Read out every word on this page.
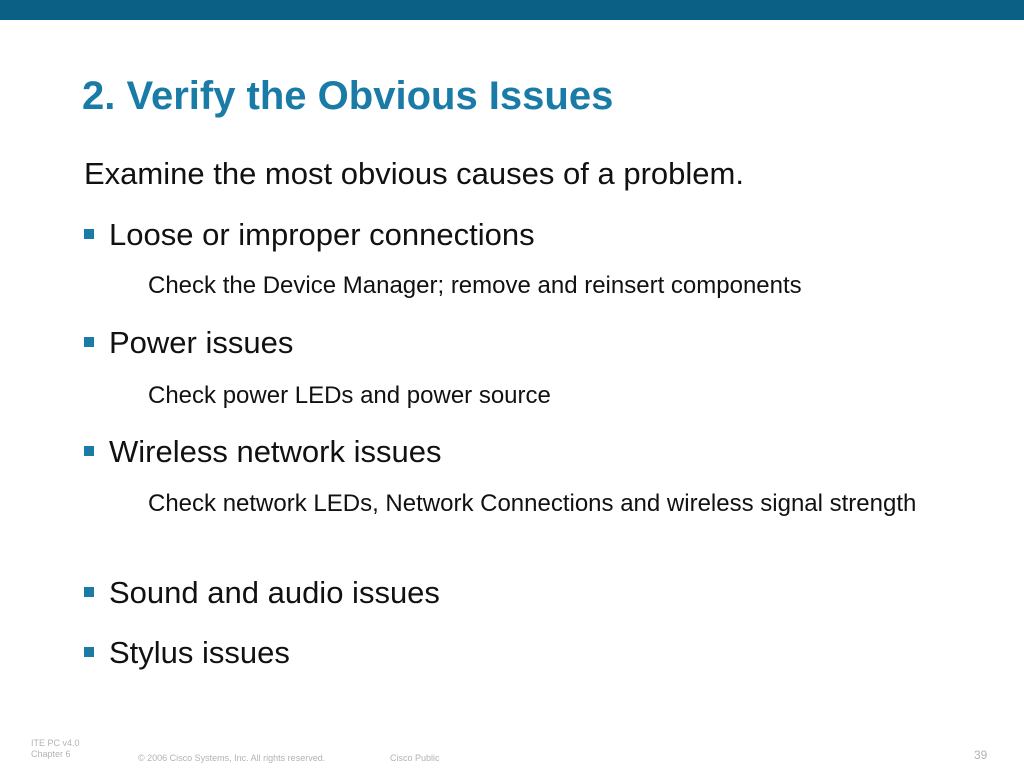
2. Verify the Obvious Issues
Examine the most obvious causes of a problem.
Loose or improper connections
Check the Device Manager; remove and reinsert components
Power issues
Check power LEDs and power source
Wireless network issues
Check network LEDs, Network Connections and wireless signal strength
Sound and audio issues
Stylus issues
ITE PC v4.0
Chapter 6	© 2006 Cisco Systems, Inc. All rights reserved.	Cisco Public	39
